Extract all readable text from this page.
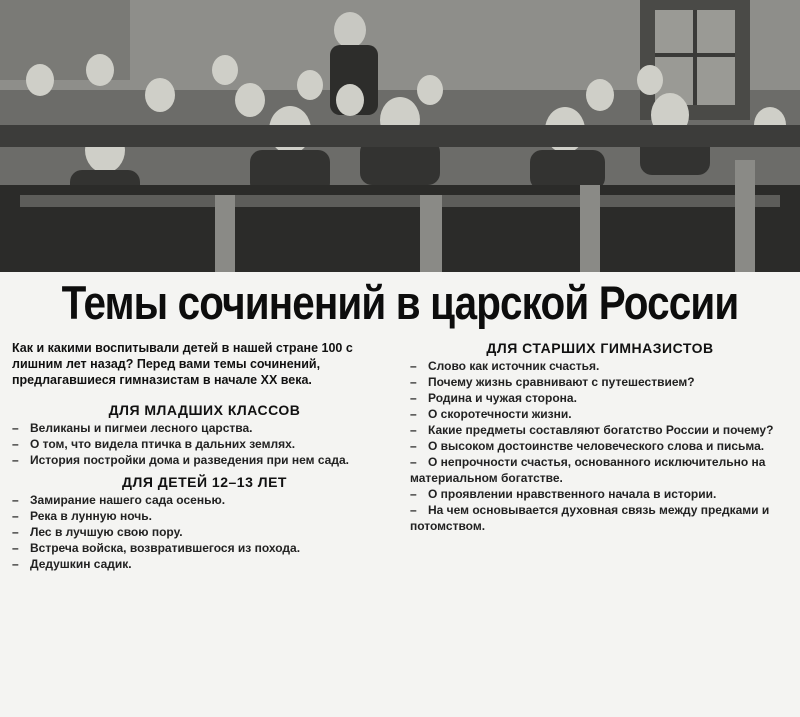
Темы сочинений в царской России

Как и какими воспитывали детей в нашей стране 100 с лишним лет назад? Перед вами темы сочинений, предлагавшиеся гимназистам в начале XX века.

ДЛЯ МЛАДШИХ КЛАССОВ

– Великаны и пигмеи лесного царства.

– О том, что видела птичка в дальних землях.

– История постройки дома и разведения при нем сада.

ДЛЯ ДЕТЕЙ 12–13 ЛЕТ

– Замирание нашего сада осенью.

– Река в лунную ночь.

– Лес в лучшую свою пору.

– Встреча войска, возвратившегося из похода.

– Дедушкин садик.

ДЛЯ СТАРШИХ ГИМНАЗИСТОВ

– Слово как источник счастья.

– Почему жизнь сравнивают с путешествием?

– Родина и чужая сторона.

– О скоротечности жизни.

– Какие предметы составляют богатство России и почему?

– О высоком достоинстве человеческого слова и письма.

– О непрочности счастья, основанного исключительно на материальном богатстве.

– О проявлении нравственного начала в истории.

– На чем основывается духовная связь между предками и потомством.
